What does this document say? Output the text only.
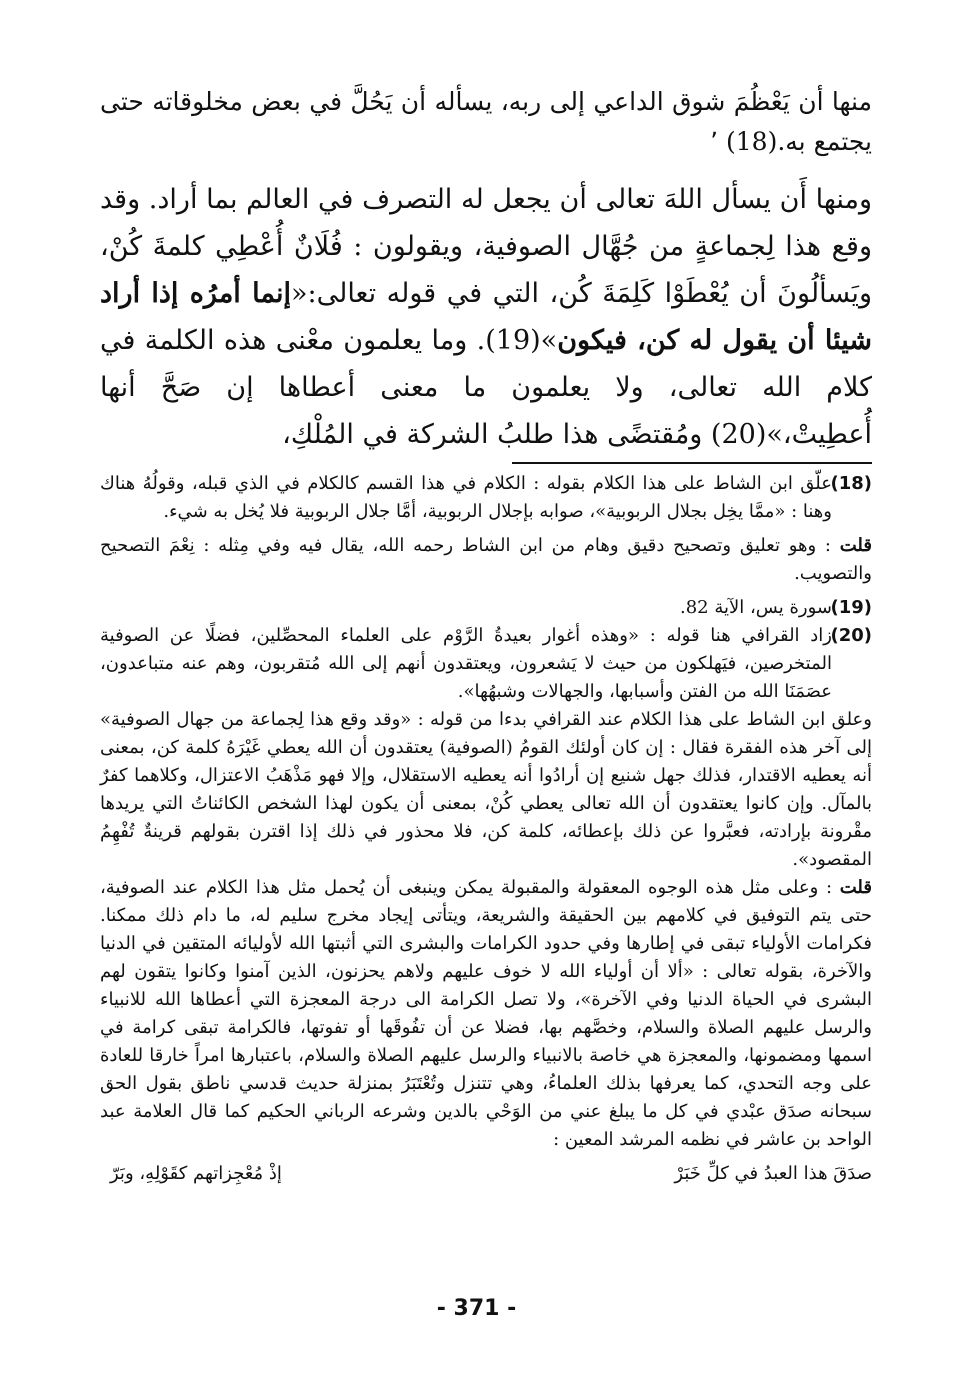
منها أن يَعْظُمَ شوق الداعي إلى ربه، يسأله أن يَحُلَّ في بعض مخلوقاته حتى يجتمع به.(18) ٬

ومنها أَن يسأل اللهَ تعالى أن يجعل له التصرف في العالم بما أراد. وقد وقع هذا لِجماعةٍ من جُهَّال الصوفية، ويقولون : فُلَانٌ أُعْطِي كلمةَ كُنْ، ويَسألُونَ أن يُعْطَوْا كَلِمَةَ كُن، التي في قوله تعالى:«إنما أمرُه إذا أراد شيئا أن يقول له كن، فيكون»(19). وما يعلمون معْنى هذه الكلمة في كلام الله تعالى، ولا يعلمون ما معنى أعطاها إن صَحَّ أنها أُعطِيتْ،»(20) ومُقتضًى هذا طلبُ الشركة في المُلْكِ،

(18)
علّق ابن الشاط على هذا الكلام بقوله : الكلام في هذا القسم كالكلام في الذي قبله، وقولُهُ هناك وهنا : «ممَّا يخِل بجلال الربوبية»، صوابه بإجلال الربوبية، أمَّا جلال الربوبية فلا يُخل به شيء.
قلت : وهو تعليق وتصحيح دقيق وهام من ابن الشاط رحمه الله، يقال فيه وفي مِثله : نِعْمَ التصحيح والتصويب.
(19)
سورة يس، الآية 82.
(20)
زاد القرافي هنا قوله : «وهذه أغوار بعيدةُ الرَّوْم على العلماء المحصِّلين، فضلًا عن الصوفية المتخرصين، فيَهلكون من حيث لا يَشعرون، ويعتقدون أنهم إلى الله مُتقربون، وهم عنه متباعدون، عصَمَنَا الله من الفتن وأسبابها، والجهالات وشبهُها».
وعلق ابن الشاط على هذا الكلام عند القرافي بدءا من قوله : «وقد وقع هذا لِجماعة من جهال الصوفية» إلى آخر هذه الفقرة فقال : إن كان أولئك القومُ (الصوفية) يعتقدون أن الله يعطي غَيْرَهُ كلمة كن، بمعنى أنه يعطيه الاقتدار، فذلك جهل شنيع إن أرادُوا أنه يعطيه الاستقلال، وإلا فهو مَذْهَبُ الاعتزال، وكلاهما كفرٌ بالمآل. وإن كانوا يعتقدون أن الله تعالى يعطي كُنْ، بمعنى أن يكون لهذا الشخص الكائناتُ التي يريدها مقْرونة بإرادته، فعبَّروا عن ذلك بإعطائه، كلمة كن، فلا محذور في ذلك إذا اقترن بقولهم قرينةٌ تُفْهِمُ المقصود».
قلت : وعلى مثل هذه الوجوه المعقولة والمقبولة يمكن وينبغى أن يُحمل مثل هذا الكلام عند الصوفية، حتى يتم التوفيق في كلامهم بين الحقيقة والشريعة، ويتأتى إيجاد مخرج سليم له، ما دام ذلك ممكنا. فكرامات الأولياء تبقى في إطارها وفي حدود الكرامات والبشرى التي أثبتها الله لأوليائه المتقين في الدنيا والآخرة، بقوله تعالى : «ألا أن أولياء الله لا خوف عليهم ولاهم يحزنون، الذين آمنوا وكانوا يتقون لهم البشرى في الحياة الدنيا وفي الآخرة»، ولا تصل الكرامة الى درجة المعجزة التي أعطاها الله للانبياء والرسل عليهم الصلاة والسلام، وخصَّهم بها، فضلا عن أن تفُوقَها أو تفوتها، فالكرامة تبقى كرامة في اسمها ومضمونها، والمعجزة هي خاصة بالانبياء والرسل عليهم الصلاة والسلام، باعتبارها امراً خارقا للعادة على وجه التحدي، كما يعرفها بذلك العلماءُ، وهي تتنزل وتُعْتَبَرُ بمنزلة حديث قدسي ناطق بقول الحق سبحانه صدَق عبْدي في كل ما يبلغ عني من الوَحْي بالدين وشرعه الرباني الحكيم كما قال العلامة عبد الواحد بن عاشر في نظمه المرشد المعين :
صدَقَ هذا العبدُ في كلِّ خَبَرْ
إذْ مُعْجِزاتهم كقَوْلِهِ، وبَرّ
- 371 -
